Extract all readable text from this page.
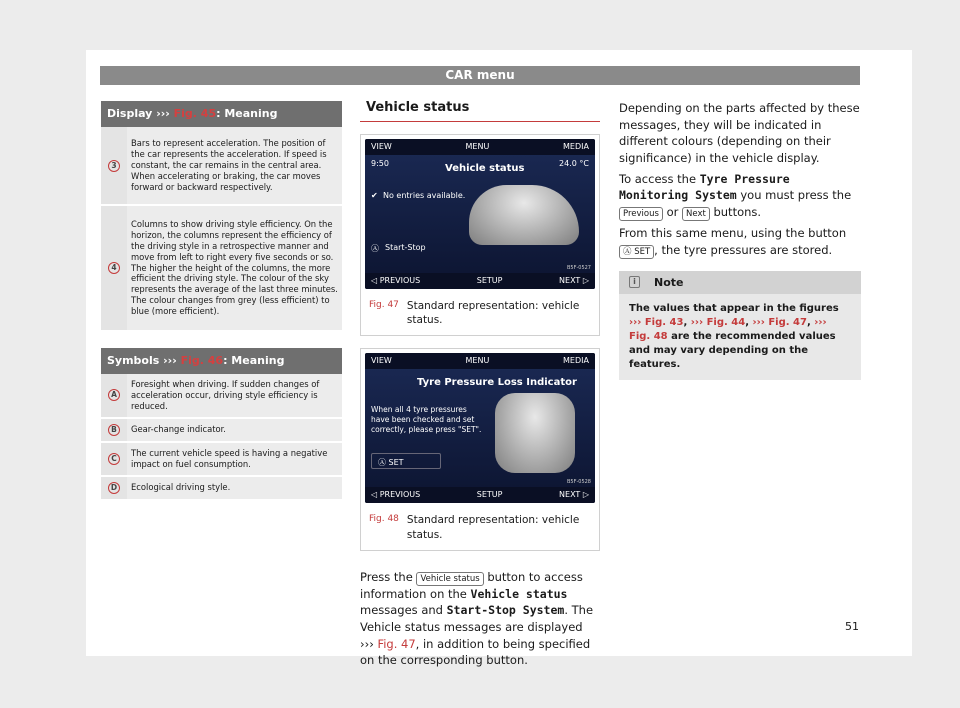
CAR menu
Display ››› Fig. 45: Meaning	
3	Bars to represent acceleration. The position of the car represents the acceleration. If speed is constant, the car remains in the central area. When accelerating or braking, the car moves forward or backward respectively.
4	Columns to show driving style efficiency. On the horizon, the columns represent the efficiency of the driving style in a retrospective manner and move from left to right every five seconds or so. The higher the height of the columns, the more efficient the driving style. The colour of the sky represents the average of the last three minutes. The colour changes from grey (less efficient) to blue (more efficient).
Symbols ››› Fig. 46: Meaning	
A	Foresight when driving. If sudden changes of acceleration occur, driving style efficiency is reduced.
B	Gear-change indicator.
C	The current vehicle speed is having a negative impact on fuel consumption.
D	Ecological driving style.
Vehicle status
VIEW	MENU	MEDIA
9:50	24.0 °C
Vehicle status
✔ No entries available.
Ⓐ Start-Stop
B5F-0527
◁ PREVIOUS	SETUP	NEXT ▷
Fig. 47 Standard representation: vehicle status.
VIEW	MENU	MEDIA
Tyre Pressure Loss Indicator
When all 4 tyre pressures have been checked and set correctly, please press "SET".
Ⓐ SET
B5F-0528
◁ PREVIOUS	SETUP	NEXT ▷
Fig. 48 Standard representation: vehicle status.

Press the Vehicle status button to access information on the Vehicle status messages and Start-Stop System. The Vehicle status messages are displayed ››› Fig. 47, in addition to being specified on the corresponding button.

Depending on the parts affected by these messages, they will be indicated in different colours (depending on their significance) in the vehicle display.

To access the Tyre Pressure Monitoring System you must press the Previous or Next buttons.

From this same menu, using the button Ⓐ SET , the tyre pressures are stored.

i	Note
The values that appear in the figures ››› Fig. 43, ››› Fig. 44, ››› Fig. 47, ››› Fig. 48 are the recommended values and may vary depending on the features.
51
